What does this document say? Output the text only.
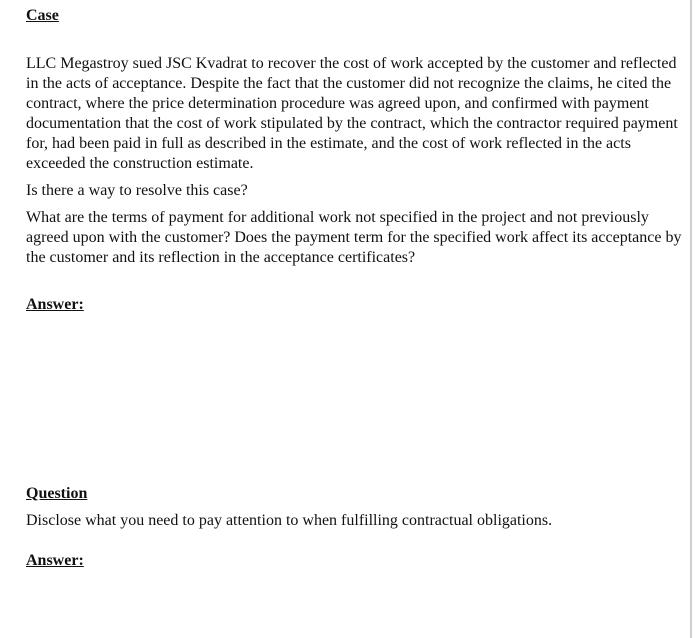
Case

LLC Megastroy sued JSC Kvadrat to recover the cost of work accepted by the customer and reflected in the acts of acceptance. Despite the fact that the customer did not recognize the claims, he cited the contract, where the price determination procedure was agreed upon, and confirmed with payment documentation that the cost of work stipulated by the contract, which the contractor required payment for, had been paid in full as described in the estimate, and the cost of work reflected in the acts exceeded the construction estimate.

Is there a way to resolve this case?

What are the terms of payment for additional work not specified in the project and not previously agreed upon with the customer? Does the payment term for the specified work affect its acceptance by the customer and its reflection in the acceptance certificates?

Answer:

Question

Disclose what you need to pay attention to when fulfilling contractual obligations.

Answer:
